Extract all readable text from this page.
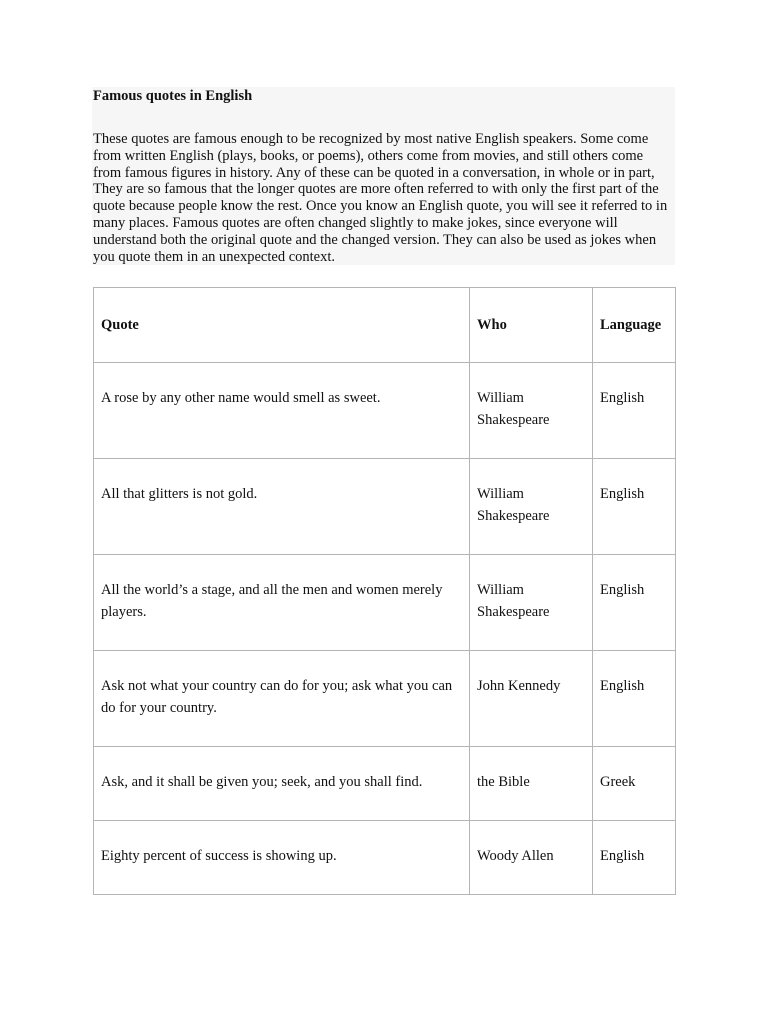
Famous quotes in English

These quotes are famous enough to be recognized by most native English speakers. Some come from written English (plays, books, or poems), others come from movies, and still others come from famous figures in history. Any of these can be quoted in a conversation, in whole or in part, They are so famous that the longer quotes are more often referred to with only the first part of the quote because people know the rest. Once you know an English quote, you will see it referred to in many places. Famous quotes are often changed slightly to make jokes, since everyone will understand both the original quote and the changed version. They can also be used as jokes when you quote them in an unexpected context.

Quote	Who	Language

A rose by any other name would smell as sweet.	William Shakespeare	English

All that glitters is not gold.	William Shakespeare	English

All the world’s a stage, and all the men and women merely players.	William Shakespeare	English

Ask not what your country can do for you; ask what you can do for your country.	John Kennedy	English

Ask, and it shall be given you; seek, and you shall find.	the Bible	Greek

Eighty percent of success is showing up.	Woody Allen	English
